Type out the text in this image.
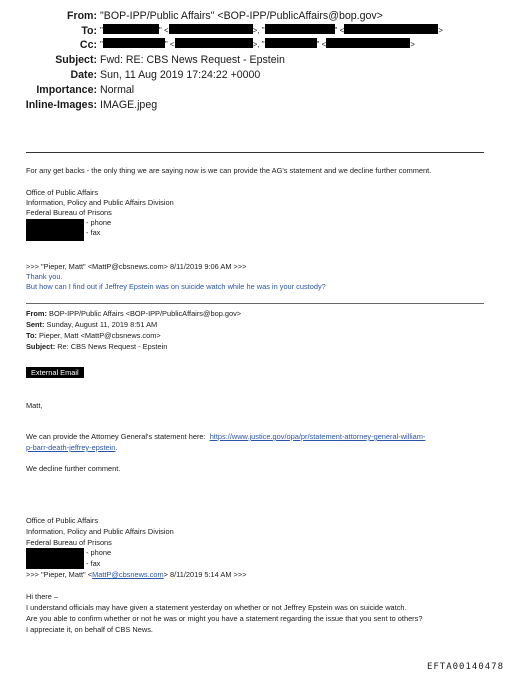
From: "BOP-IPP/Public Affairs" <BOP-IPP/PublicAffairs@bop.gov>
To: "	" <	>, "	" <	>
Cc: "	" <	>, "	" <	>
Subject: Fwd: RE: CBS News Request - Epstein
Date: Sun, 11 Aug 2019 17:24:22 +0000
Importance: Normal
Inline-Images: IMAGE.jpeg
For any get backs - the only thing we are saying now is we can provide the AG's statement and we decline further comment.
Office of Public Affairs
Information, Policy and Public Affairs Division
Federal Bureau of Prisons
- phone
- fax
>>> "Pieper, Matt" <MattP@cbsnews.com> 8/11/2019 9:06 AM >>>
Thank you.
But how can I find out if Jeffrey Epstein was on suicide watch while he was in your custody?
From: BOP-IPP/Public Affairs <BOP-IPP/PublicAffairs@bop.gov>
Sent: Sunday, August 11, 2019 8:51 AM
To: Pieper, Matt <MattP@cbsnews.com>
Subject: Re: CBS News Request - Epstein
External Email
Matt,
We can provide the Attorney General's statement here: https://www.justice.gov/opa/pr/statement-attorney-general-william-
p-barr-death-jeffrey-epstein.
We decline further comment.
Office of Public Affairs
Information, Policy and Public Affairs Division
Federal Bureau of Prisons
- phone
- fax
>>> "Pieper, Matt" <MattP@cbsnews.com> 8/11/2019 5:14 AM >>>
Hi there –
I understand officials may have given a statement yesterday on whether or not Jeffrey Epstein was on suicide watch.
Are you able to confirm whether or not he was or might you have a statement regarding the issue that you sent to others?
I appreciate it, on behalf of CBS News.
EFTA00140478
